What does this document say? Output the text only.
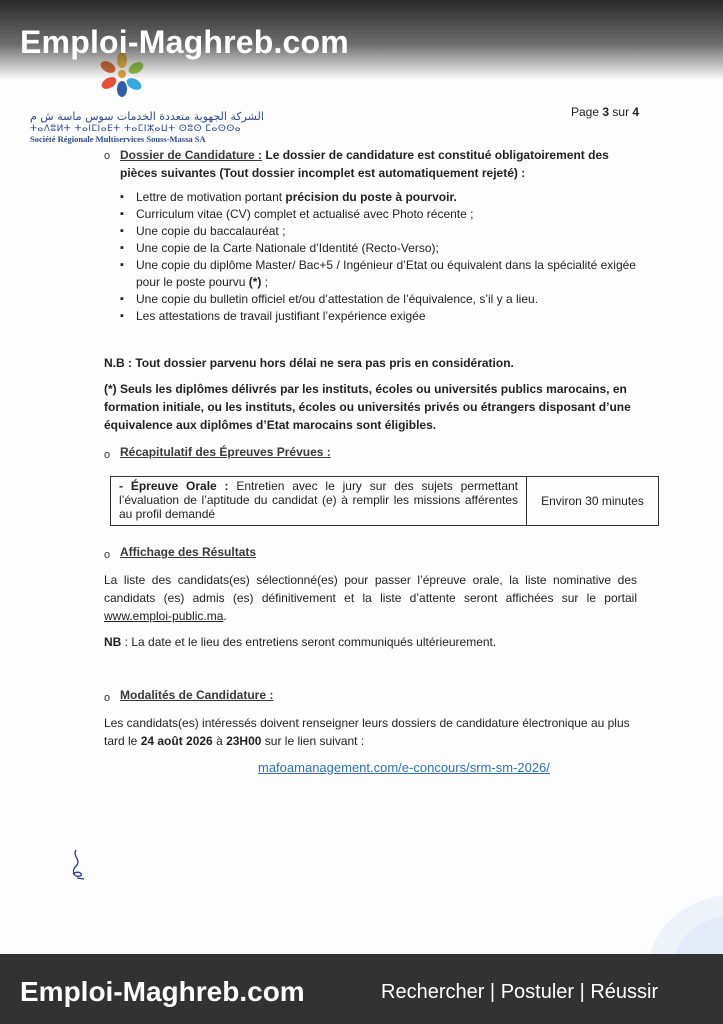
Emploi-Maghreb.com
الشركة الجهوية متعددة الخدمات سوس ماسة ش م
ⵜⴰⴷⵓⵍⵜ ⵜⴰⵏⵎⵏⴰⴹⵜ ⵜⴰⵎⵏⵣⴰⵡⵜ ⵙⵓⵙ ⵎⴰⵙⵙⴰ
Société Régionale Multiservices Souss-Massa SA
Page 3 sur 4
o Dossier de Candidature : Le dossier de candidature est constitué obligatoirement des
pièces suivantes (Tout dossier incomplet est automatiquement rejeté) :
▪ Lettre de motivation portant précision du poste à pourvoir.
▪ Curriculum vitae (CV) complet et actualisé avec Photo récente ;
▪ Une copie du baccalauréat ;
▪ Une copie de la Carte Nationale d’Identité (Recto-Verso);
▪ Une copie du diplôme Master/ Bac+5 / Ingénieur d’Etat ou équivalent dans la spécialité exigée pour le poste pourvu (*) ;
▪ Une copie du bulletin officiel et/ou d’attestation de l’équivalence, s’il y a lieu.
▪ Les attestations de travail justifiant l’expérience exigée
N.B : Tout dossier parvenu hors délai ne sera pas pris en considération.
(*) Seuls les diplômes délivrés par les instituts, écoles ou universités publics marocains, en formation initiale, ou les instituts, écoles ou universités privés ou étrangers disposant d’une équivalence aux diplômes d’Etat marocains sont éligibles.
o Récapitulatif des Épreuves Prévues :
- Épreuve Orale : Entretien avec le jury sur des sujets permettant l’évaluation de l’aptitude du candidat (e) à remplir les missions afférentes au profil demandé
Environ 30 minutes
o Affichage des Résultats
La liste des candidats(es) sélectionné(es) pour passer l’épreuve orale, la liste nominative des candidats (es) admis (es) définitivement et la liste d’attente seront affichées sur le portail www.emploi-public.ma.
NB : La date et le lieu des entretiens seront communiqués ultérieurement.
o Modalités de Candidature :
Les candidats(es) intéressés doivent renseigner leurs dossiers de candidature électronique au plus tard le 24 août 2026 à 23H00 sur le lien suivant :
mafoamanagement.com/e-concours/srm-sm-2026/
Emploi-Maghreb.com	Rechercher | Postuler | Réussir
